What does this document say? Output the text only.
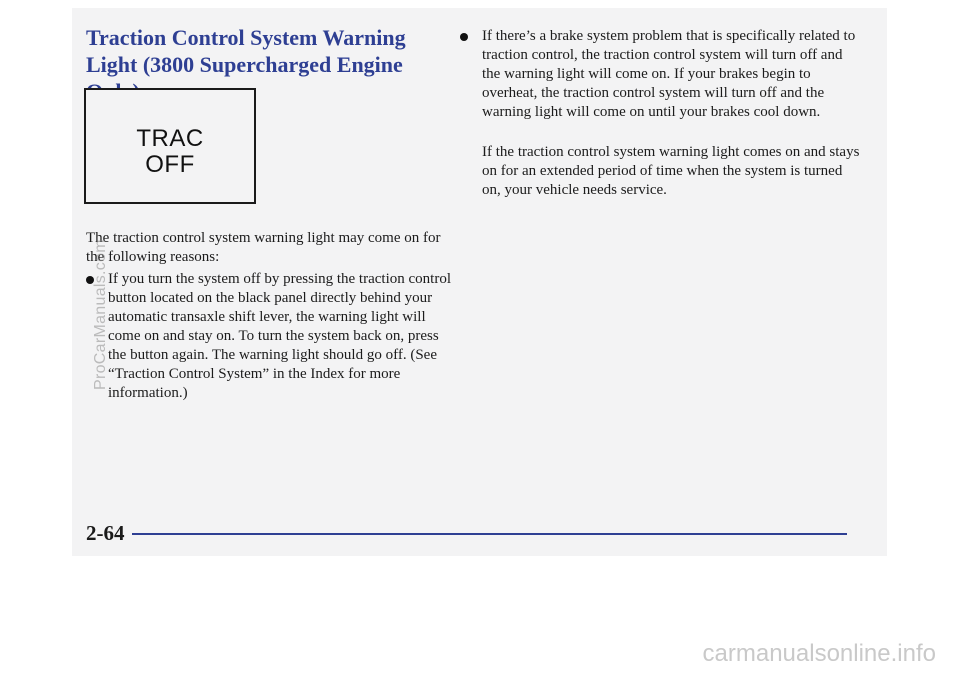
Traction Control System Warning Light (3800 Supercharged Engine
TRAC
OFF

The traction control system warning light may come on for the following reasons:

If you turn the system off by pressing the traction control button located on the black panel directly behind your automatic transaxle shift lever, the warning light will come on and stay on. To turn the system back on, press the button again. The warning light should go off. (See “Traction Control System” in the Index for more information.)

If there’s a brake system problem that is specifically related to traction control, the traction control system will turn off and the warning light will come on. If your brakes begin to overheat, the traction control system will turn off and the warning light will come on until your brakes cool down.

If the traction control system warning light comes on and stays on for an extended period of time when the system is turned on, your vehicle needs service.

2-64

ProCarManuals.com
carmanualsonline.info
